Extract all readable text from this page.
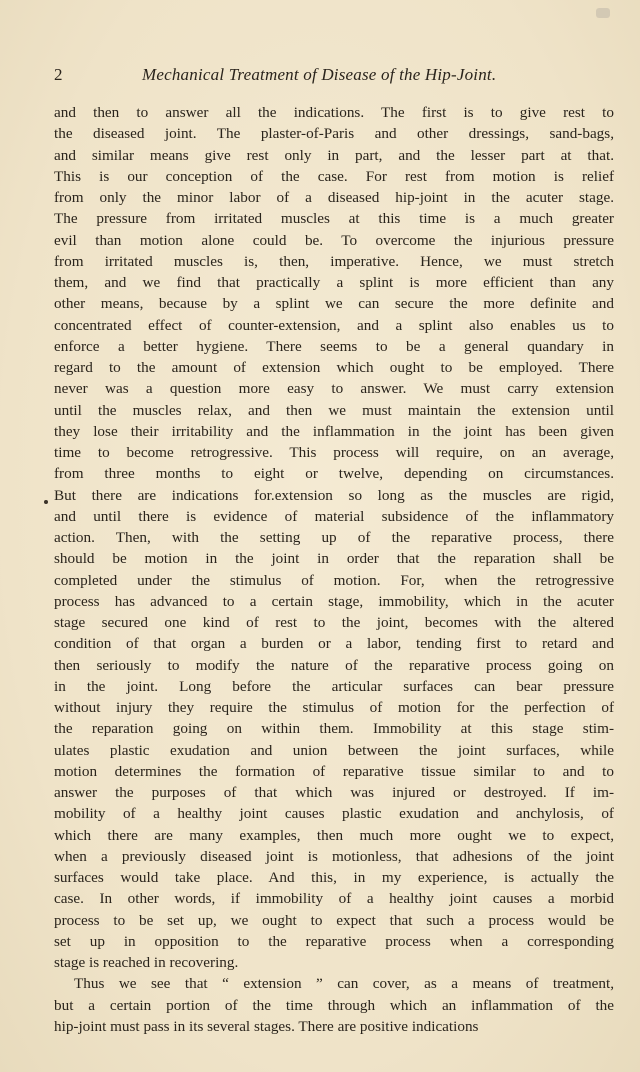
2	Mechanical Treatment of Disease of the Hip-Joint.
and then to answer all the indications. The first is to give rest to
the diseased joint. The plaster-of-Paris and other dressings, sand-bags,
and similar means give rest only in part, and the lesser part at that.
This is our conception of the case. For rest from motion is relief
from only the minor labor of a diseased hip-joint in the acuter stage.
The pressure from irritated muscles at this time is a much greater
evil than motion alone could be. To overcome the injurious pressure
from irritated muscles is, then, imperative. Hence, we must stretch
them, and we find that practically a splint is more efficient than any
other means, because by a splint we can secure the more definite and
concentrated effect of counter-extension, and a splint also enables us to
enforce a better hygiene. There seems to be a general quandary in
regard to the amount of extension which ought to be employed. There
never was a question more easy to answer. We must carry extension
until the muscles relax, and then we must maintain the extension until
they lose their irritability and the inflammation in the joint has been given
time to become retrogressive. This process will require, on an average,
from three months to eight or twelve, depending on circumstances.
But there are indications for.extension so long as the muscles are rigid,
and until there is evidence of material subsidence of the inflammatory
action. Then, with the setting up of the reparative process, there
should be motion in the joint in order that the reparation shall be
completed under the stimulus of motion. For, when the retrogressive
process has advanced to a certain stage, immobility, which in the acuter
stage secured one kind of rest to the joint, becomes with the altered
condition of that organ a burden or a labor, tending first to retard and
then seriously to modify the nature of the reparative process going on
in the joint. Long before the articular surfaces can bear pressure
without injury they require the stimulus of motion for the perfection of
the reparation going on within them. Immobility at this stage stim-
ulates plastic exudation and union between the joint surfaces, while
motion determines the formation of reparative tissue similar to and to
answer the purposes of that which was injured or destroyed. If im-
mobility of a healthy joint causes plastic exudation and anchylosis, of
which there are many examples, then much more ought we to expect,
when a previously diseased joint is motionless, that adhesions of the joint
surfaces would take place. And this, in my experience, is actually the
case. In other words, if immobility of a healthy joint causes a morbid
process to be set up, we ought to expect that such a process would be
set up in opposition to the reparative process when a corresponding
stage is reached in recovering.
Thus we see that “ extension ” can cover, as a means of treatment,
but a certain portion of the time through which an inflammation of the
hip-joint must pass in its several stages. There are positive indications
